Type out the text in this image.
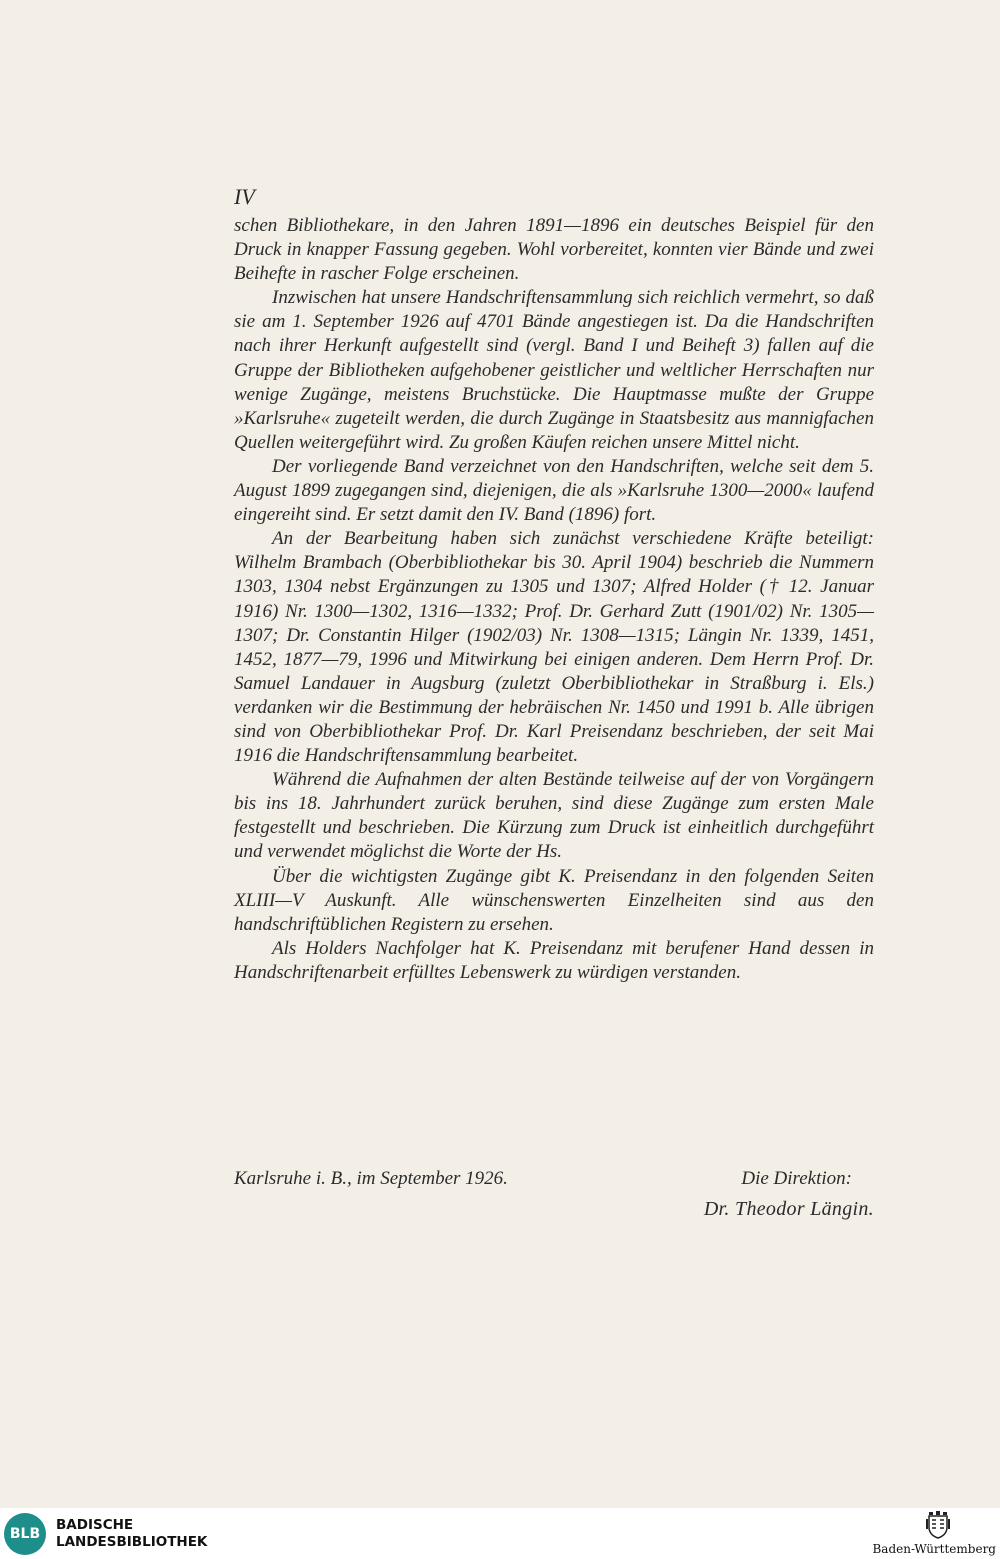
IV

schen Bibliothekare, in den Jahren 1891—1896 ein deutsches Beispiel für den Druck in knapper Fassung gegeben. Wohl vorbereitet, konnten vier Bände und zwei Beihefte in rascher Folge erscheinen.

Inzwischen hat unsere Handschriftensammlung sich reichlich vermehrt, so daß sie am 1. September 1926 auf 4701 Bände angestiegen ist. Da die Handschriften nach ihrer Herkunft aufgestellt sind (vergl. Band I und Beiheft 3) fallen auf die Gruppe der Bibliotheken aufgehobener geistlicher und weltlicher Herrschaften nur wenige Zugänge, meistens Bruchstücke. Die Hauptmasse mußte der Gruppe »Karlsruhe« zugeteilt werden, die durch Zugänge in Staatsbesitz aus mannigfachen Quellen weitergeführt wird. Zu großen Käufen reichen unsere Mittel nicht.

Der vorliegende Band verzeichnet von den Handschriften, welche seit dem 5. August 1899 zugegangen sind, diejenigen, die als »Karlsruhe 1300—2000« laufend eingereiht sind. Er setzt damit den IV. Band (1896) fort.

An der Bearbeitung haben sich zunächst verschiedene Kräfte beteiligt: Wilhelm Brambach (Oberbibliothekar bis 30. April 1904) beschrieb die Nummern 1303, 1304 nebst Ergänzungen zu 1305 und 1307; Alfred Holder († 12. Januar 1916) Nr. 1300—1302, 1316—1332; Prof. Dr. Gerhard Zutt (1901/02) Nr. 1305—1307; Dr. Constantin Hilger (1902/03) Nr. 1308—1315; Längin Nr. 1339, 1451, 1452, 1877—79, 1996 und Mitwirkung bei einigen anderen. Dem Herrn Prof. Dr. Samuel Landauer in Augsburg (zuletzt Oberbibliothekar in Straßburg i. Els.) verdanken wir die Bestimmung der hebräischen Nr. 1450 und 1991 b. Alle übrigen sind von Oberbibliothekar Prof. Dr. Karl Preisendanz beschrieben, der seit Mai 1916 die Handschriftensammlung bearbeitet.

Während die Aufnahmen der alten Bestände teilweise auf der von Vorgängern bis ins 18. Jahrhundert zurück beruhen, sind diese Zugänge zum ersten Male festgestellt und beschrieben. Die Kürzung zum Druck ist einheitlich durchgeführt und verwendet möglichst die Worte der Hs.

Über die wichtigsten Zugänge gibt K. Preisendanz in den folgenden Seiten XLIII—V Auskunft. Alle wünschenswerten Einzelheiten sind aus den handschriftüblichen Registern zu ersehen.

Als Holders Nachfolger hat K. Preisendanz mit berufener Hand dessen in Handschriftenarbeit erfülltes Lebenswerk zu würdigen verstanden.

Karlsruhe i. B., im September 1926.	Die Direktion:
Dr. Theodor Längin.
BLB
BADISCHE
LANDESBIBLIOTHEK	Baden-Württemberg
